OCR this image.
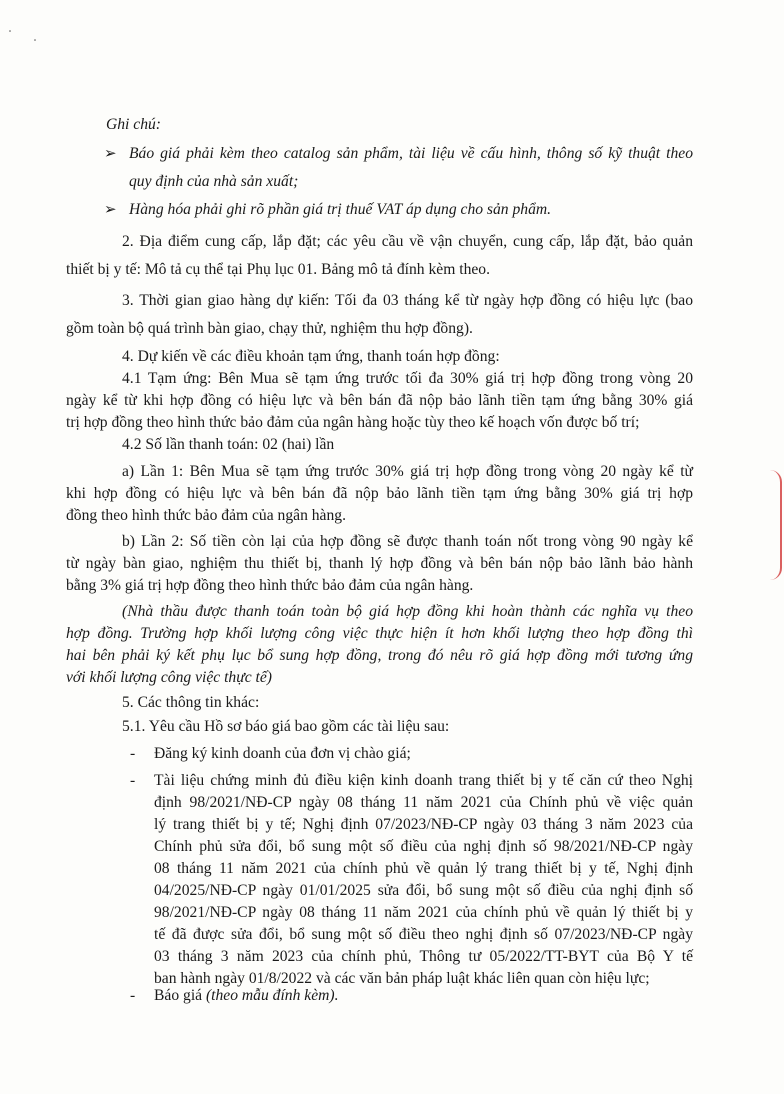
Ghi chú:
➢ Báo giá phải kèm theo catalog sản phẩm, tài liệu về cấu hình, thông số kỹ thuật theo
quy định của nhà sản xuất;
➢ Hàng hóa phải ghi rõ phần giá trị thuế VAT áp dụng cho sản phẩm.
2. Địa điểm cung cấp, lắp đặt; các yêu cầu về vận chuyển, cung cấp, lắp đặt, bảo quản
thiết bị y tế: Mô tả cụ thể tại Phụ lục 01. Bảng mô tả đính kèm theo.
3. Thời gian giao hàng dự kiến: Tối đa 03 tháng kể từ ngày hợp đồng có hiệu lực (bao
gồm toàn bộ quá trình bàn giao, chạy thử, nghiệm thu hợp đồng).
4. Dự kiến về các điều khoản tạm ứng, thanh toán hợp đồng:
4.1 Tạm ứng: Bên Mua sẽ tạm ứng trước tối đa 30% giá trị hợp đồng trong vòng 20
ngày kể từ khi hợp đồng có hiệu lực và bên bán đã nộp bảo lãnh tiền tạm ứng bằng 30% giá
trị hợp đồng theo hình thức bảo đảm của ngân hàng hoặc tùy theo kế hoạch vốn được bố trí;
4.2 Số lần thanh toán: 02 (hai) lần
a) Lần 1: Bên Mua sẽ tạm ứng trước 30% giá trị hợp đồng trong vòng 20 ngày kể từ
khi hợp đồng có hiệu lực và bên bán đã nộp bảo lãnh tiền tạm ứng bằng 30% giá trị hợp
đồng theo hình thức bảo đảm của ngân hàng.
b) Lần 2: Số tiền còn lại của hợp đồng sẽ được thanh toán nốt trong vòng 90 ngày kể
từ ngày bàn giao, nghiệm thu thiết bị, thanh lý hợp đồng và bên bán nộp bảo lãnh bảo hành
bằng 3% giá trị hợp đồng theo hình thức bảo đảm của ngân hàng.
(Nhà thầu được thanh toán toàn bộ giá hợp đồng khi hoàn thành các nghĩa vụ theo
hợp đồng. Trường hợp khối lượng công việc thực hiện ít hơn khối lượng theo hợp đồng thì
hai bên phải ký kết phụ lục bổ sung hợp đồng, trong đó nêu rõ giá hợp đồng mới tương ứng
với khối lượng công việc thực tế)
5. Các thông tin khác:
5.1. Yêu cầu Hồ sơ báo giá bao gồm các tài liệu sau:
- Đăng ký kinh doanh của đơn vị chào giá;
- Tài liệu chứng minh đủ điều kiện kinh doanh trang thiết bị y tế căn cứ theo Nghị
định 98/2021/NĐ-CP ngày 08 tháng 11 năm 2021 của Chính phủ về việc quản
lý trang thiết bị y tế; Nghị định 07/2023/NĐ-CP ngày 03 tháng 3 năm 2023 của
Chính phủ sửa đổi, bổ sung một số điều của nghị định số 98/2021/NĐ-CP ngày
08 tháng 11 năm 2021 của chính phủ về quản lý trang thiết bị y tế, Nghị định
04/2025/NĐ-CP ngày 01/01/2025 sửa đổi, bổ sung một số điều của nghị định số
98/2021/NĐ-CP ngày 08 tháng 11 năm 2021 của chính phủ về quản lý thiết bị y
tế đã được sửa đổi, bổ sung một số điều theo nghị định số 07/2023/NĐ-CP ngày
03 tháng 3 năm 2023 của chính phủ, Thông tư 05/2022/TT-BYT của Bộ Y tế
ban hành ngày 01/8/2022 và các văn bản pháp luật khác liên quan còn hiệu lực;
- Báo giá (theo mẫu đính kèm).
